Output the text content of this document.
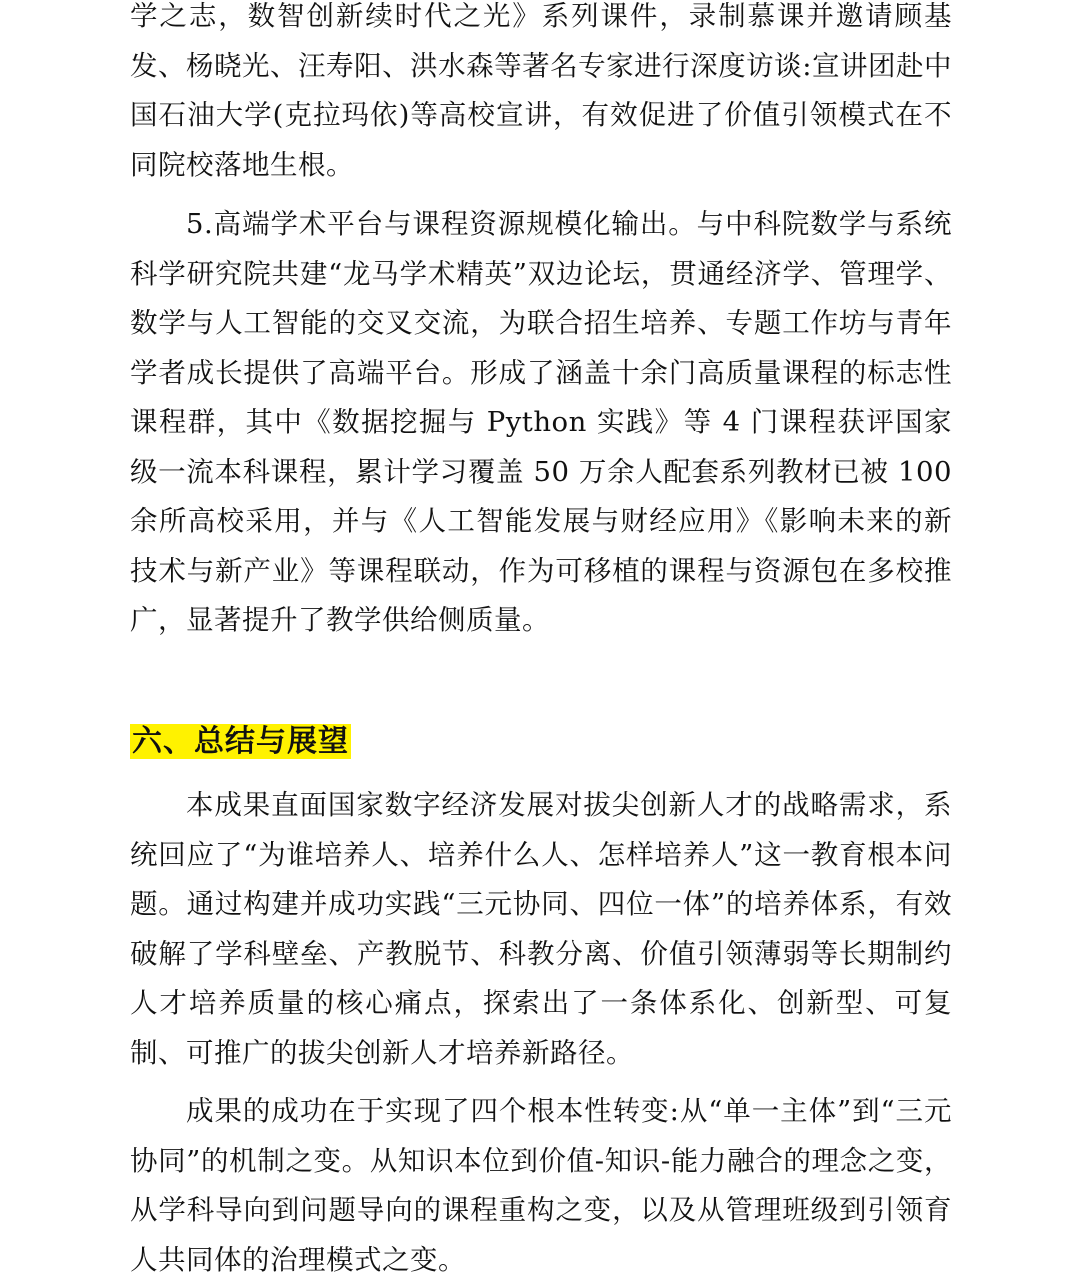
学之志，数智创新续时代之光》系列课件，录制慕课并邀请顾基发、杨晓光、汪寿阳、洪水森等著名专家进行深度访谈:宣讲团赴中国石油大学(克拉玛依)等高校宣讲，有效促进了价值引领模式在不同院校落地生根。

5.高端学术平台与课程资源规模化输出。与中科院数学与系统科学研究院共建“龙马学术精英”双边论坛，贯通经济学、管理学、数学与人工智能的交叉交流，为联合招生培养、专题工作坊与青年学者成长提供了高端平台。形成了涵盖十余门高质量课程的标志性课程群，其中《数据挖掘与 Python 实践》等 4 门课程获评国家级一流本科课程，累计学习覆盖 50 万余人配套系列教材已被 100 余所高校采用，并与《人工智能发展与财经应用》《影响未来的新技术与新产业》等课程联动，作为可移植的课程与资源包在多校推广，显著提升了教学供给侧质量。

六、总结与展望

本成果直面国家数字经济发展对拔尖创新人才的战略需求，系统回应了“为谁培养人、培养什么人、怎样培养人”这一教育根本问题。通过构建并成功实践“三元协同、四位一体”的培养体系，有效破解了学科壁垒、产教脱节、科教分离、价值引领薄弱等长期制约人才培养质量的核心痛点，探索出了一条体系化、创新型、可复制、可推广的拔尖创新人才培养新路径。

成果的成功在于实现了四个根本性转变:从“单一主体”到“三元协同”的机制之变。从知识本位到价值-知识-能力融合的理念之变，从学科导向到问题导向的课程重构之变，以及从管理班级到引领育人共同体的治理模式之变。
